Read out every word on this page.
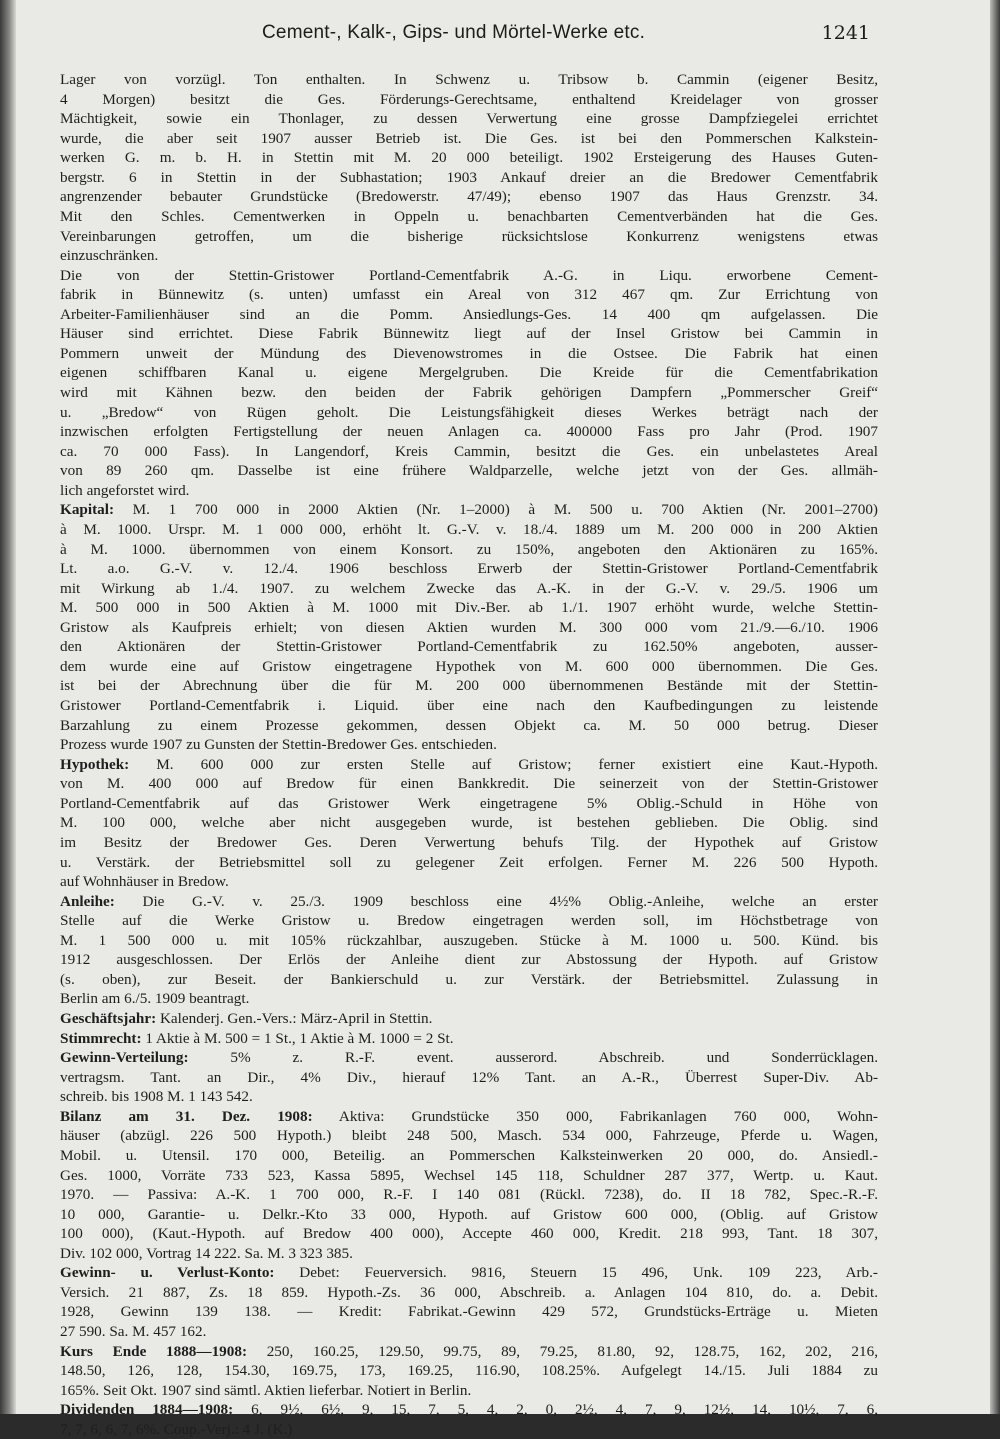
Cement-, Kalk-, Gips- und Mörtel-Werke etc.	1241
Lager von vorzügl. Ton enthalten. In Schwenz u. Tribsow b. Cammin (eigener Besitz,
4 Morgen) besitzt die Ges. Förderungs-Gerechtsame, enthaltend Kreidelager von grosser
Mächtigkeit, sowie ein Thonlager, zu dessen Verwertung eine grosse Dampfziegelei errichtet
wurde, die aber seit 1907 ausser Betrieb ist. Die Ges. ist bei den Pommerschen Kalkstein-
werken G. m. b. H. in Stettin mit M. 20 000 beteiligt. 1902 Ersteigerung des Hauses Guten-
bergstr. 6 in Stettin in der Subhastation; 1903 Ankauf dreier an die Bredower Cementfabrik
angrenzender bebauter Grundstücke (Bredowerstr. 47/49); ebenso 1907 das Haus Grenzstr. 34.
Mit den Schles. Cementwerken in Oppeln u. benachbarten Cementverbänden hat die Ges.
Vereinbarungen getroffen, um die bisherige rücksichtslose Konkurrenz wenigstens etwas
einzuschränken.
Die von der Stettin-Gristower Portland-Cementfabrik A.-G. in Liqu. erworbene Cement-
fabrik in Bünnewitz (s. unten) umfasst ein Areal von 312 467 qm. Zur Errichtung von
Arbeiter-Familienhäuser sind an die Pomm. Ansiedlungs-Ges. 14 400 qm aufgelassen. Die
Häuser sind errichtet. Diese Fabrik Bünnewitz liegt auf der Insel Gristow bei Cammin in
Pommern unweit der Mündung des Dievenowstromes in die Ostsee. Die Fabrik hat einen
eigenen schiffbaren Kanal u. eigene Mergelgruben. Die Kreide für die Cementfabrikation
wird mit Kähnen bezw. den beiden der Fabrik gehörigen Dampfern „Pommerscher Greif“
u. „Bredow“ von Rügen geholt. Die Leistungsfähigkeit dieses Werkes beträgt nach der
inzwischen erfolgten Fertigstellung der neuen Anlagen ca. 400000 Fass pro Jahr (Prod. 1907
ca. 70 000 Fass). In Langendorf, Kreis Cammin, besitzt die Ges. ein unbelastetes Areal
von 89 260 qm. Dasselbe ist eine frühere Waldparzelle, welche jetzt von der Ges. allmäh-
lich angeforstet wird.
Kapital: M. 1 700 000 in 2000 Aktien (Nr. 1–2000) à M. 500 u. 700 Aktien (Nr. 2001–2700)
à M. 1000. Urspr. M. 1 000 000, erhöht lt. G.-V. v. 18./4. 1889 um M. 200 000 in 200 Aktien
à M. 1000. übernommen von einem Konsort. zu 150%, angeboten den Aktionären zu 165%.
Lt. a.o. G.-V. v. 12./4. 1906 beschloss Erwerb der Stettin-Gristower Portland-Cementfabrik
mit Wirkung ab 1./4. 1907. zu welchem Zwecke das A.-K. in der G.-V. v. 29./5. 1906 um
M. 500 000 in 500 Aktien à M. 1000 mit Div.-Ber. ab 1./1. 1907 erhöht wurde, welche Stettin-
Gristow als Kaufpreis erhielt; von diesen Aktien wurden M. 300 000 vom 21./9.—6./10. 1906
den Aktionären der Stettin-Gristower Portland-Cementfabrik zu 162.50% angeboten, ausser-
dem wurde eine auf Gristow eingetragene Hypothek von M. 600 000 übernommen. Die Ges.
ist bei der Abrechnung über die für M. 200 000 übernommenen Bestände mit der Stettin-
Gristower Portland-Cementfabrik i. Liquid. über eine nach den Kaufbedingungen zu leistende
Barzahlung zu einem Prozesse gekommen, dessen Objekt ca. M. 50 000 betrug. Dieser
Prozess wurde 1907 zu Gunsten der Stettin-Bredower Ges. entschieden.
Hypothek: M. 600 000 zur ersten Stelle auf Gristow; ferner existiert eine Kaut.-Hypoth.
von M. 400 000 auf Bredow für einen Bankkredit. Die seinerzeit von der Stettin-Gristower
Portland-Cementfabrik auf das Gristower Werk eingetragene 5% Oblig.-Schuld in Höhe von
M. 100 000, welche aber nicht ausgegeben wurde, ist bestehen geblieben. Die Oblig. sind
im Besitz der Bredower Ges. Deren Verwertung behufs Tilg. der Hypothek auf Gristow
u. Verstärk. der Betriebsmittel soll zu gelegener Zeit erfolgen. Ferner M. 226 500 Hypoth.
auf Wohnhäuser in Bredow.
Anleihe: Die G.-V. v. 25./3. 1909 beschloss eine 4½% Oblig.-Anleihe, welche an erster
Stelle auf die Werke Gristow u. Bredow eingetragen werden soll, im Höchstbetrage von
M. 1 500 000 u. mit 105% rückzahlbar, auszugeben. Stücke à M. 1000 u. 500. Künd. bis
1912 ausgeschlossen. Der Erlös der Anleihe dient zur Abstossung der Hypoth. auf Gristow
(s. oben), zur Beseit. der Bankierschuld u. zur Verstärk. der Betriebsmittel. Zulassung in
Berlin am 6./5. 1909 beantragt.
Geschäftsjahr: Kalenderj. Gen.-Vers.: März-April in Stettin.
Stimmrecht: 1 Aktie à M. 500 = 1 St., 1 Aktie à M. 1000 = 2 St.
Gewinn-Verteilung: 5% z. R.-F. event. ausserord. Abschreib. und Sonderrücklagen.
vertragsm. Tant. an Dir., 4% Div., hierauf 12% Tant. an A.-R., Überrest Super-Div. Ab-
schreib. bis 1908 M. 1 143 542.
Bilanz am 31. Dez. 1908: Aktiva: Grundstücke 350 000, Fabrikanlagen 760 000, Wohn-
häuser (abzügl. 226 500 Hypoth.) bleibt 248 500, Masch. 534 000, Fahrzeuge, Pferde u. Wagen,
Mobil. u. Utensil. 170 000, Beteilig. an Pommerschen Kalksteinwerken 20 000, do. Ansiedl.-
Ges. 1000, Vorräte 733 523, Kassa 5895, Wechsel 145 118, Schuldner 287 377, Wertp. u. Kaut.
1970. — Passiva: A.-K. 1 700 000, R.-F. I 140 081 (Rückl. 7238), do. II 18 782, Spec.-R.-F.
10 000, Garantie- u. Delkr.-Kto 33 000, Hypoth. auf Gristow 600 000, (Oblig. auf Gristow
100 000), (Kaut.-Hypoth. auf Bredow 400 000), Accepte 460 000, Kredit. 218 993, Tant. 18 307,
Div. 102 000, Vortrag 14 222. Sa. M. 3 323 385.
Gewinn- u. Verlust-Konto: Debet: Feuerversich. 9816, Steuern 15 496, Unk. 109 223, Arb.-
Versich. 21 887, Zs. 18 859. Hypoth.-Zs. 36 000, Abschreib. a. Anlagen 104 810, do. a. Debit.
1928, Gewinn 139 138. — Kredit: Fabrikat.-Gewinn 429 572, Grundstücks-Erträge u. Mieten
27 590. Sa. M. 457 162.
Kurs Ende 1888—1908: 250, 160.25, 129.50, 99.75, 89, 79.25, 81.80, 92, 128.75, 162, 202, 216,
148.50, 126, 128, 154.30, 169.75, 173, 169.25, 116.90, 108.25%. Aufgelegt 14./15. Juli 1884 zu
165%. Seit Okt. 1907 sind sämtl. Aktien lieferbar. Notiert in Berlin.
Dividenden 1884—1908: 6, 9½, 6½, 9, 15, 7, 5, 4, 2, 0, 2½, 4, 7, 9, 12½, 14, 10½, 7, 6,
7, 7, 6, 6, 7, 6%. Coup.-Verj.: 4 J. (K.)
